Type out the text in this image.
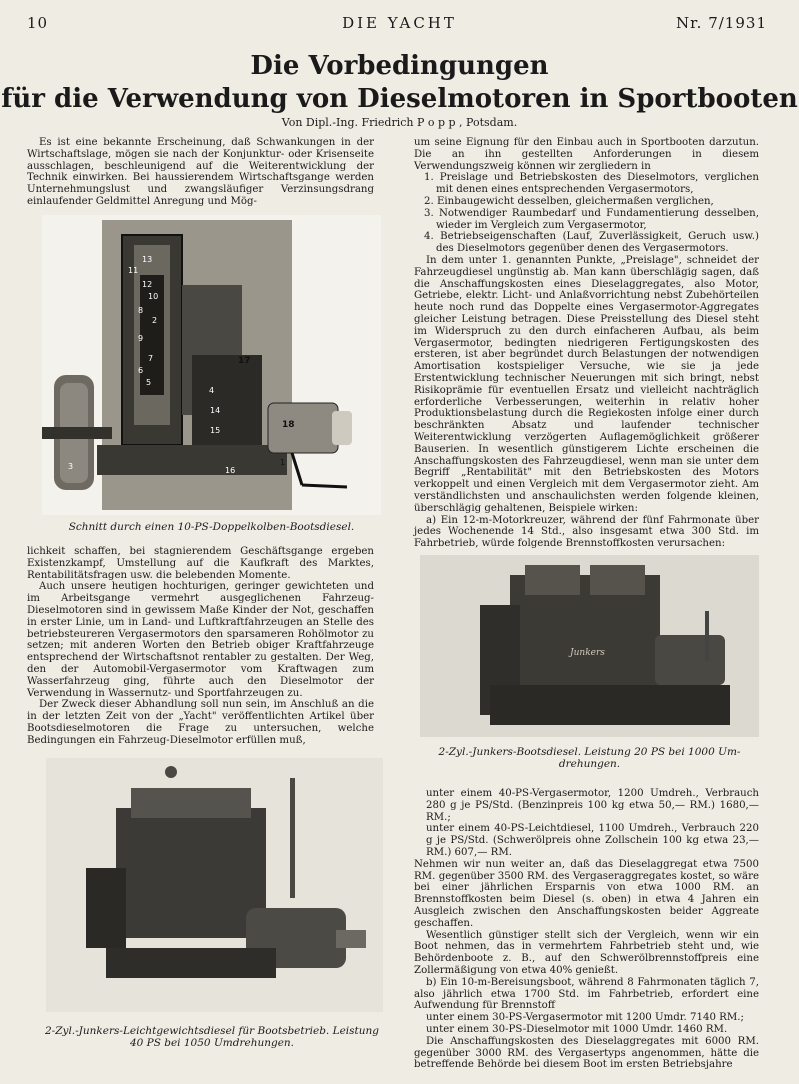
10	DIE YACHT	Nr. 7/1931
Die Vorbedingungen
für die Verwendung von Dieselmotoren in Sportbooten
Von Dipl.-Ing. Friedrich P o p p , Potsdam.

Es ist eine bekannte Erscheinung, daß Schwankungen in der Wirtschaftslage, mögen sie nach der Konjunktur- oder Krisenseite ausschlagen, beschleunigend auf die Weiterentwicklung der Technik einwirken. Bei haussierendem Wirtschaftsgange werden Unternehmungslust und zwangsläufiger Verzinsungsdrang einlaufender Geldmittel Anregung und Mög-

13
11
12
10
8
2
9
7
6
5
4
14
15
3	16
1
17
18
Schnitt durch einen 10-PS-Doppelkolben-Bootsdiesel.

lichkeit schaffen, bei stagnierendem Geschäftsgange ergeben Existenzkampf, Umstellung auf die Kaufkraft des Marktes, Rentabilitätsfragen usw. die belebenden Momente.

Auch unsere heutigen hochturigen, geringer gewichteten und im Arbeitsgange vermehrt ausgeglichenen Fahrzeug-Dieselmotoren sind in gewissem Maße Kinder der Not, geschaffen in erster Linie, um in Land- und Luftkraftfahrzeugen an Stelle des betriebsteureren Vergasermotors den sparsameren Rohölmotor zu setzen; mit anderen Worten den Betrieb obiger Kraftfahrzeuge entsprechend der Wirtschaftsnot rentabler zu gestalten. Der Weg, den der Automobil-Vergasermotor vom Kraftwagen zum Wasserfahrzeug ging, führte auch den Dieselmotor der Verwendung in Wassernutz- und Sportfahrzeugen zu.

Der Zweck dieser Abhandlung soll nun sein, im Anschluß an die in der letzten Zeit von der „Yacht" veröffentlichten Artikel über Bootsdieselmotoren die Frage zu untersuchen, welche Bedingungen ein Fahrzeug-Dieselmotor erfüllen muß,

2-Zyl.-Junkers-Leichtgewichtsdiesel für Bootsbetrieb. Leistung 40 PS bei 1050 Umdrehungen.

um seine Eignung für den Einbau auch in Sportbooten darzutun. Die an ihn gestellten Anforderungen in diesem Verwendungszweig können wir zergliedern in

1. Preislage und Betriebskosten des Dieselmotors, verglichen mit denen eines entsprechenden Vergasermotors,

2. Einbaugewicht desselben, gleichermaßen verglichen,

3. Notwendiger Raumbedarf und Fundamentierung desselben, wieder im Vergleich zum Vergasermotor,

4. Betriebseigenschaften (Lauf, Zuverlässigkeit, Geruch usw.) des Dieselmotors gegenüber denen des Vergasermotors.

In dem unter 1. genannten Punkte, „Preislage", schneidet der Fahrzeugdiesel ungünstig ab. Man kann überschlägig sagen, daß die Anschaffungskosten eines Dieselaggregates, also Motor, Getriebe, elektr. Licht- und Anlaßvorrichtung nebst Zubehörteilen heute noch rund das Doppelte eines Vergasermotor-Aggregates gleicher Leistung betragen. Diese Preisstellung des Diesel steht im Widerspruch zu den durch einfacheren Aufbau, als beim Vergasermotor, bedingten niedrigeren Fertigungskosten des ersteren, ist aber begründet durch Belastungen der notwendigen Amortisation kostspieliger Versuche, wie sie ja jede Erstentwicklung technischer Neuerungen mit sich bringt, nebst Risikoprämie für eventuellen Ersatz und vielleicht nachträglich erforderliche Verbesserungen, weiterhin in relativ hoher Produktionsbelastung durch die Regiekosten infolge einer durch beschränkten Absatz und laufender technischer Weiterentwicklung verzögerten Auflagemöglichkeit größerer Bauserien. In wesentlich günstigerem Lichte erscheinen die Anschaffungskosten des Fahrzeugdiesel, wenn man sie unter dem Begriff „Rentabilität" mit den Betriebskosten des Motors verkoppelt und einen Vergleich mit dem Vergasermotor zieht. Am verständlichsten und anschaulichsten werden folgende kleinen, überschlägig gehaltenen, Beispiele wirken:

a) Ein 12-m-Motorkreuzer, während der fünf Fahrmonate über jedes Wochenende 14 Std., also insgesamt etwa 300 Std. im Fahrbetrieb, würde folgende Brennstoffkosten verursachen:

Junkers
2-Zyl.-Junkers-Bootsdiesel. Leistung 20 PS bei 1000 Um-
drehungen.

unter einem 40-PS-Vergasermotor, 1200 Umdreh., Verbrauch 280 g je PS/Std. (Benzinpreis 100 kg etwa 50,— RM.) 1680,—RM.;

unter einem 40-PS-Leichtdiesel, 1100 Umdreh., Verbrauch 220 g je PS/Std. (Schwerölpreis ohne Zollschein 100 kg etwa 23,— RM.) 607,— RM.

Nehmen wir nun weiter an, daß das Dieselaggregat etwa 7500 RM. gegenüber 3500 RM. des Vergaseraggregates kostet, so wäre bei einer jährlichen Ersparnis von etwa 1000 RM. an Brennstoffkosten beim Diesel (s. oben) in etwa 4 Jahren ein Ausgleich zwischen den Anschaffungskosten beider Aggreate geschaffen.

Wesentlich günstiger stellt sich der Vergleich, wenn wir ein Boot nehmen, das in vermehrtem Fahrbetrieb steht und, wie Behördenboote z. B., auf den Schwerölbrennstoffpreis eine Zollermäßigung von etwa 40% genießt.

b) Ein 10-m-Bereisungsboot, während 8 Fahrmonaten täglich 7, also jährlich etwa 1700 Std. im Fahrbetrieb, erfordert eine Aufwendung für Brennstoff

unter einem 30-PS-Vergasermotor mit 1200 Umdr. 7140 RM.;

unter einem 30-PS-Dieselmotor mit 1000 Umdr. 1460 RM.

Die Anschaffungskosten des Dieselaggregates mit 6000 RM. gegenüber 3000 RM. des Vergasertyps angenommen, hätte die betreffende Behörde bei diesem Boot im ersten Betriebsjahre
